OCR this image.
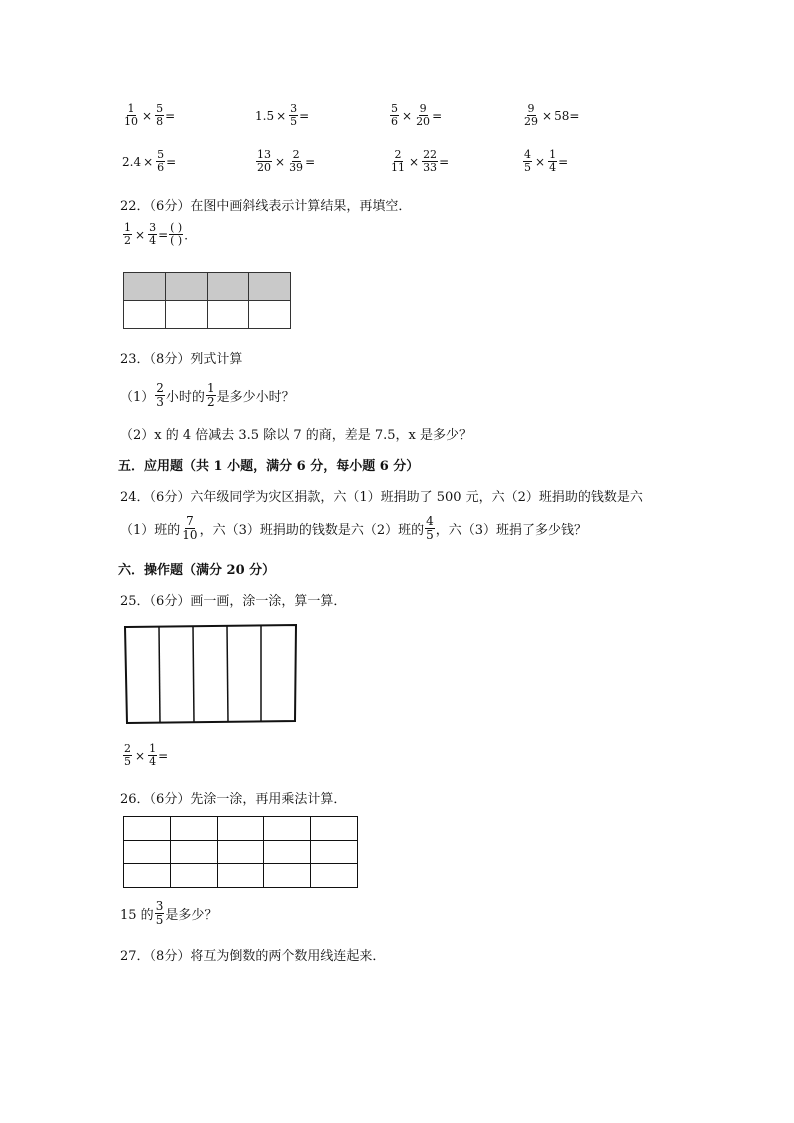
$\frac{1}{10} \times \frac{5}{8}$ =	$1.5 \times \frac{3}{5}$ =	$\frac{5}{6} \times \frac{9}{20}$ =	$\frac{9}{29} \times 58$ =
$2.4 \times \frac{5}{6}$ =	$\frac{13}{20} \times \frac{2}{39}$ =	$\frac{2}{11} \times \frac{22}{33}$ =	$\frac{4}{5} \times \frac{1}{4}$ =
22．（6分）在图中画斜线表示计算结果，再填空．
$\frac{1}{2} \times \frac{3}{4} = \frac{( )}{( )}$ ．

23．（8分）列式计算
$(1) \frac{2}{3}$ 小时的 $\frac{1}{2}$ 是多少小时？
（2）x 的 4 倍减去 3.5 除以 7 的商，差是 7.5，x 是多少？
五．应用题（共 1 小题，满分 6 分，每小题 6 分）
24．（6分）六年级同学为灾区捐款，六（1）班捐助了 500 元，六（2）班捐助的钱数是六
（1）班的 $\frac{7}{10}$ ，六（3）班捐助的钱数是六（2）班的 $\frac{4}{5}$ ，六（3）班捐了多少钱？
六．操作题（满分 20 分）
25．（6分）画一画，涂一涂，算一算．
$\frac{2}{5} \times \frac{1}{4}$ =
26．（6分）先涂一涂，再用乘法计算．

15 的 $\frac{3}{5}$ 是多少？
27．（8分）将互为倒数的两个数用线连起来．
